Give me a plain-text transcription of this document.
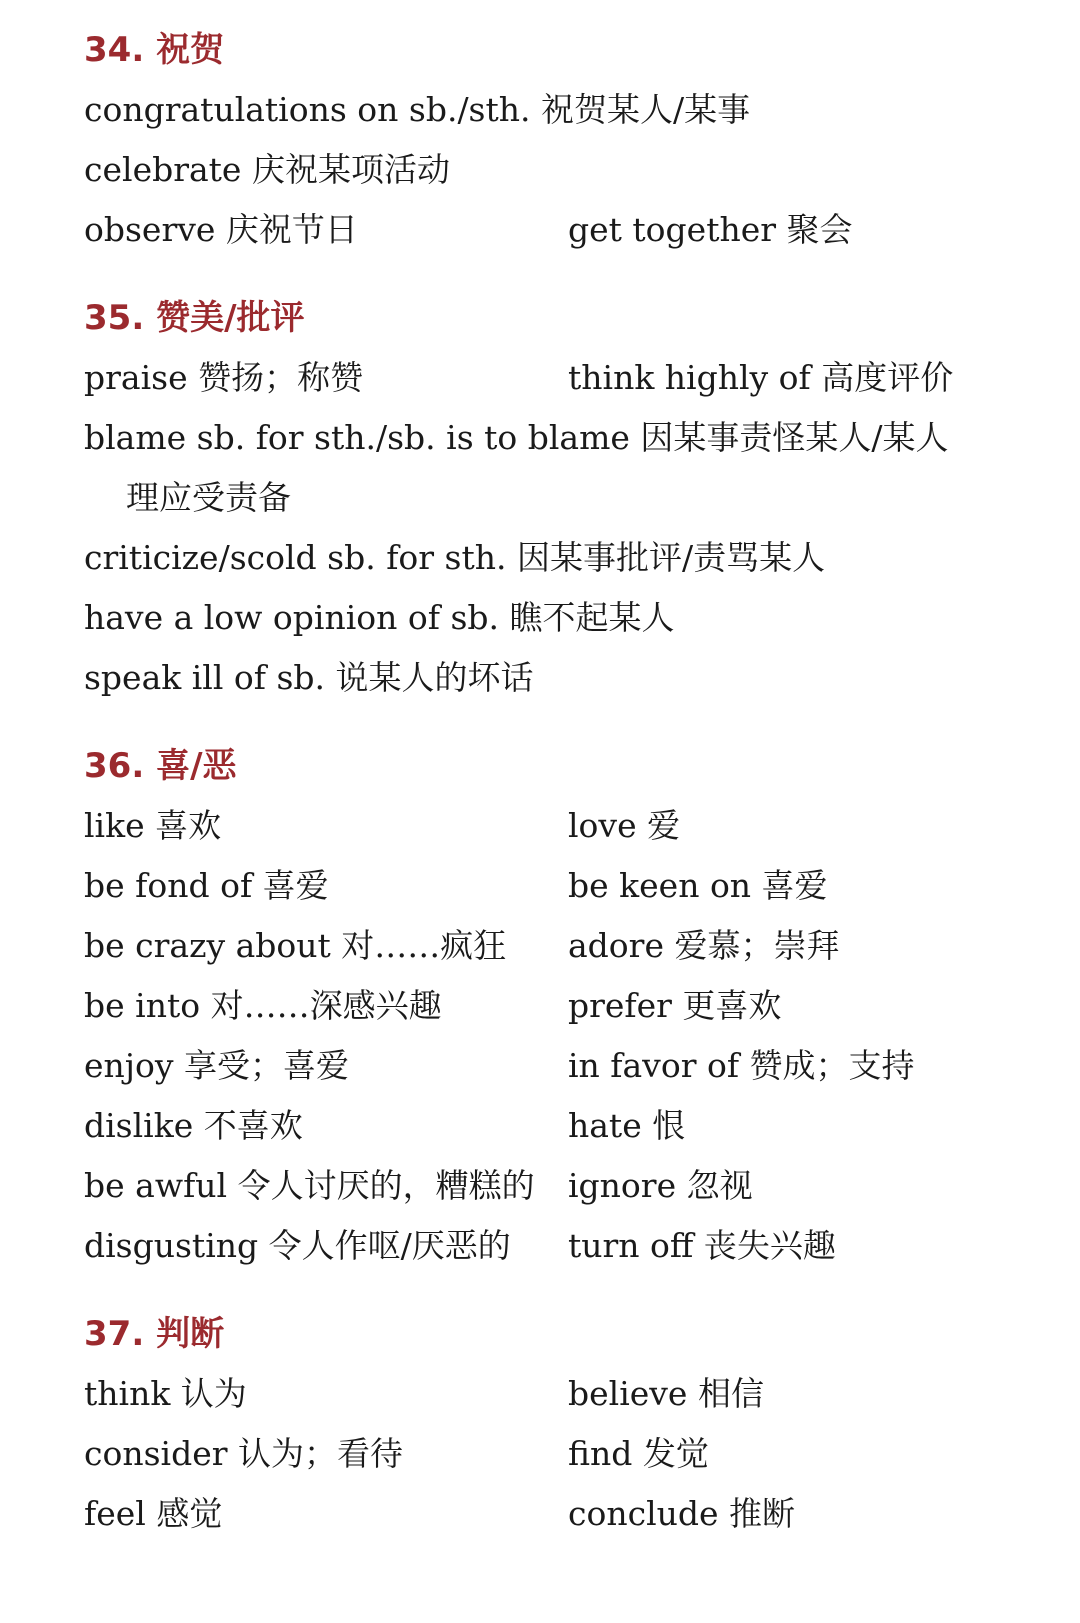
34. 祝贺
congratulations on sb./sth. 祝贺某人/某事
celebrate 庆祝某项活动
observe 庆祝节日	get together 聚会
35. 赞美/批评
praise 赞扬；称赞	think highly of 高度评价
blame sb. for sth./sb. is to blame 因某事责怪某人/某人
理应受责备
criticize/scold sb. for sth. 因某事批评/责骂某人
have a low opinion of sb. 瞧不起某人
speak ill of sb. 说某人的坏话
36. 喜/恶
like 喜欢	love 爱
be fond of 喜爱	be keen on 喜爱
be crazy about 对……疯狂 adore 爱慕；崇拜
be into 对……深感兴趣	prefer 更喜欢
enjoy 享受；喜爱	in favor of 赞成；支持
dislike 不喜欢	hate 恨
be awful 令人讨厌的，糟糕的 ignore 忽视
disgusting 令人作呕/厌恶的 turn off 丧失兴趣
37. 判断
think 认为	believe 相信
consider 认为；看待	find 发觉
feel 感觉	conclude 推断
